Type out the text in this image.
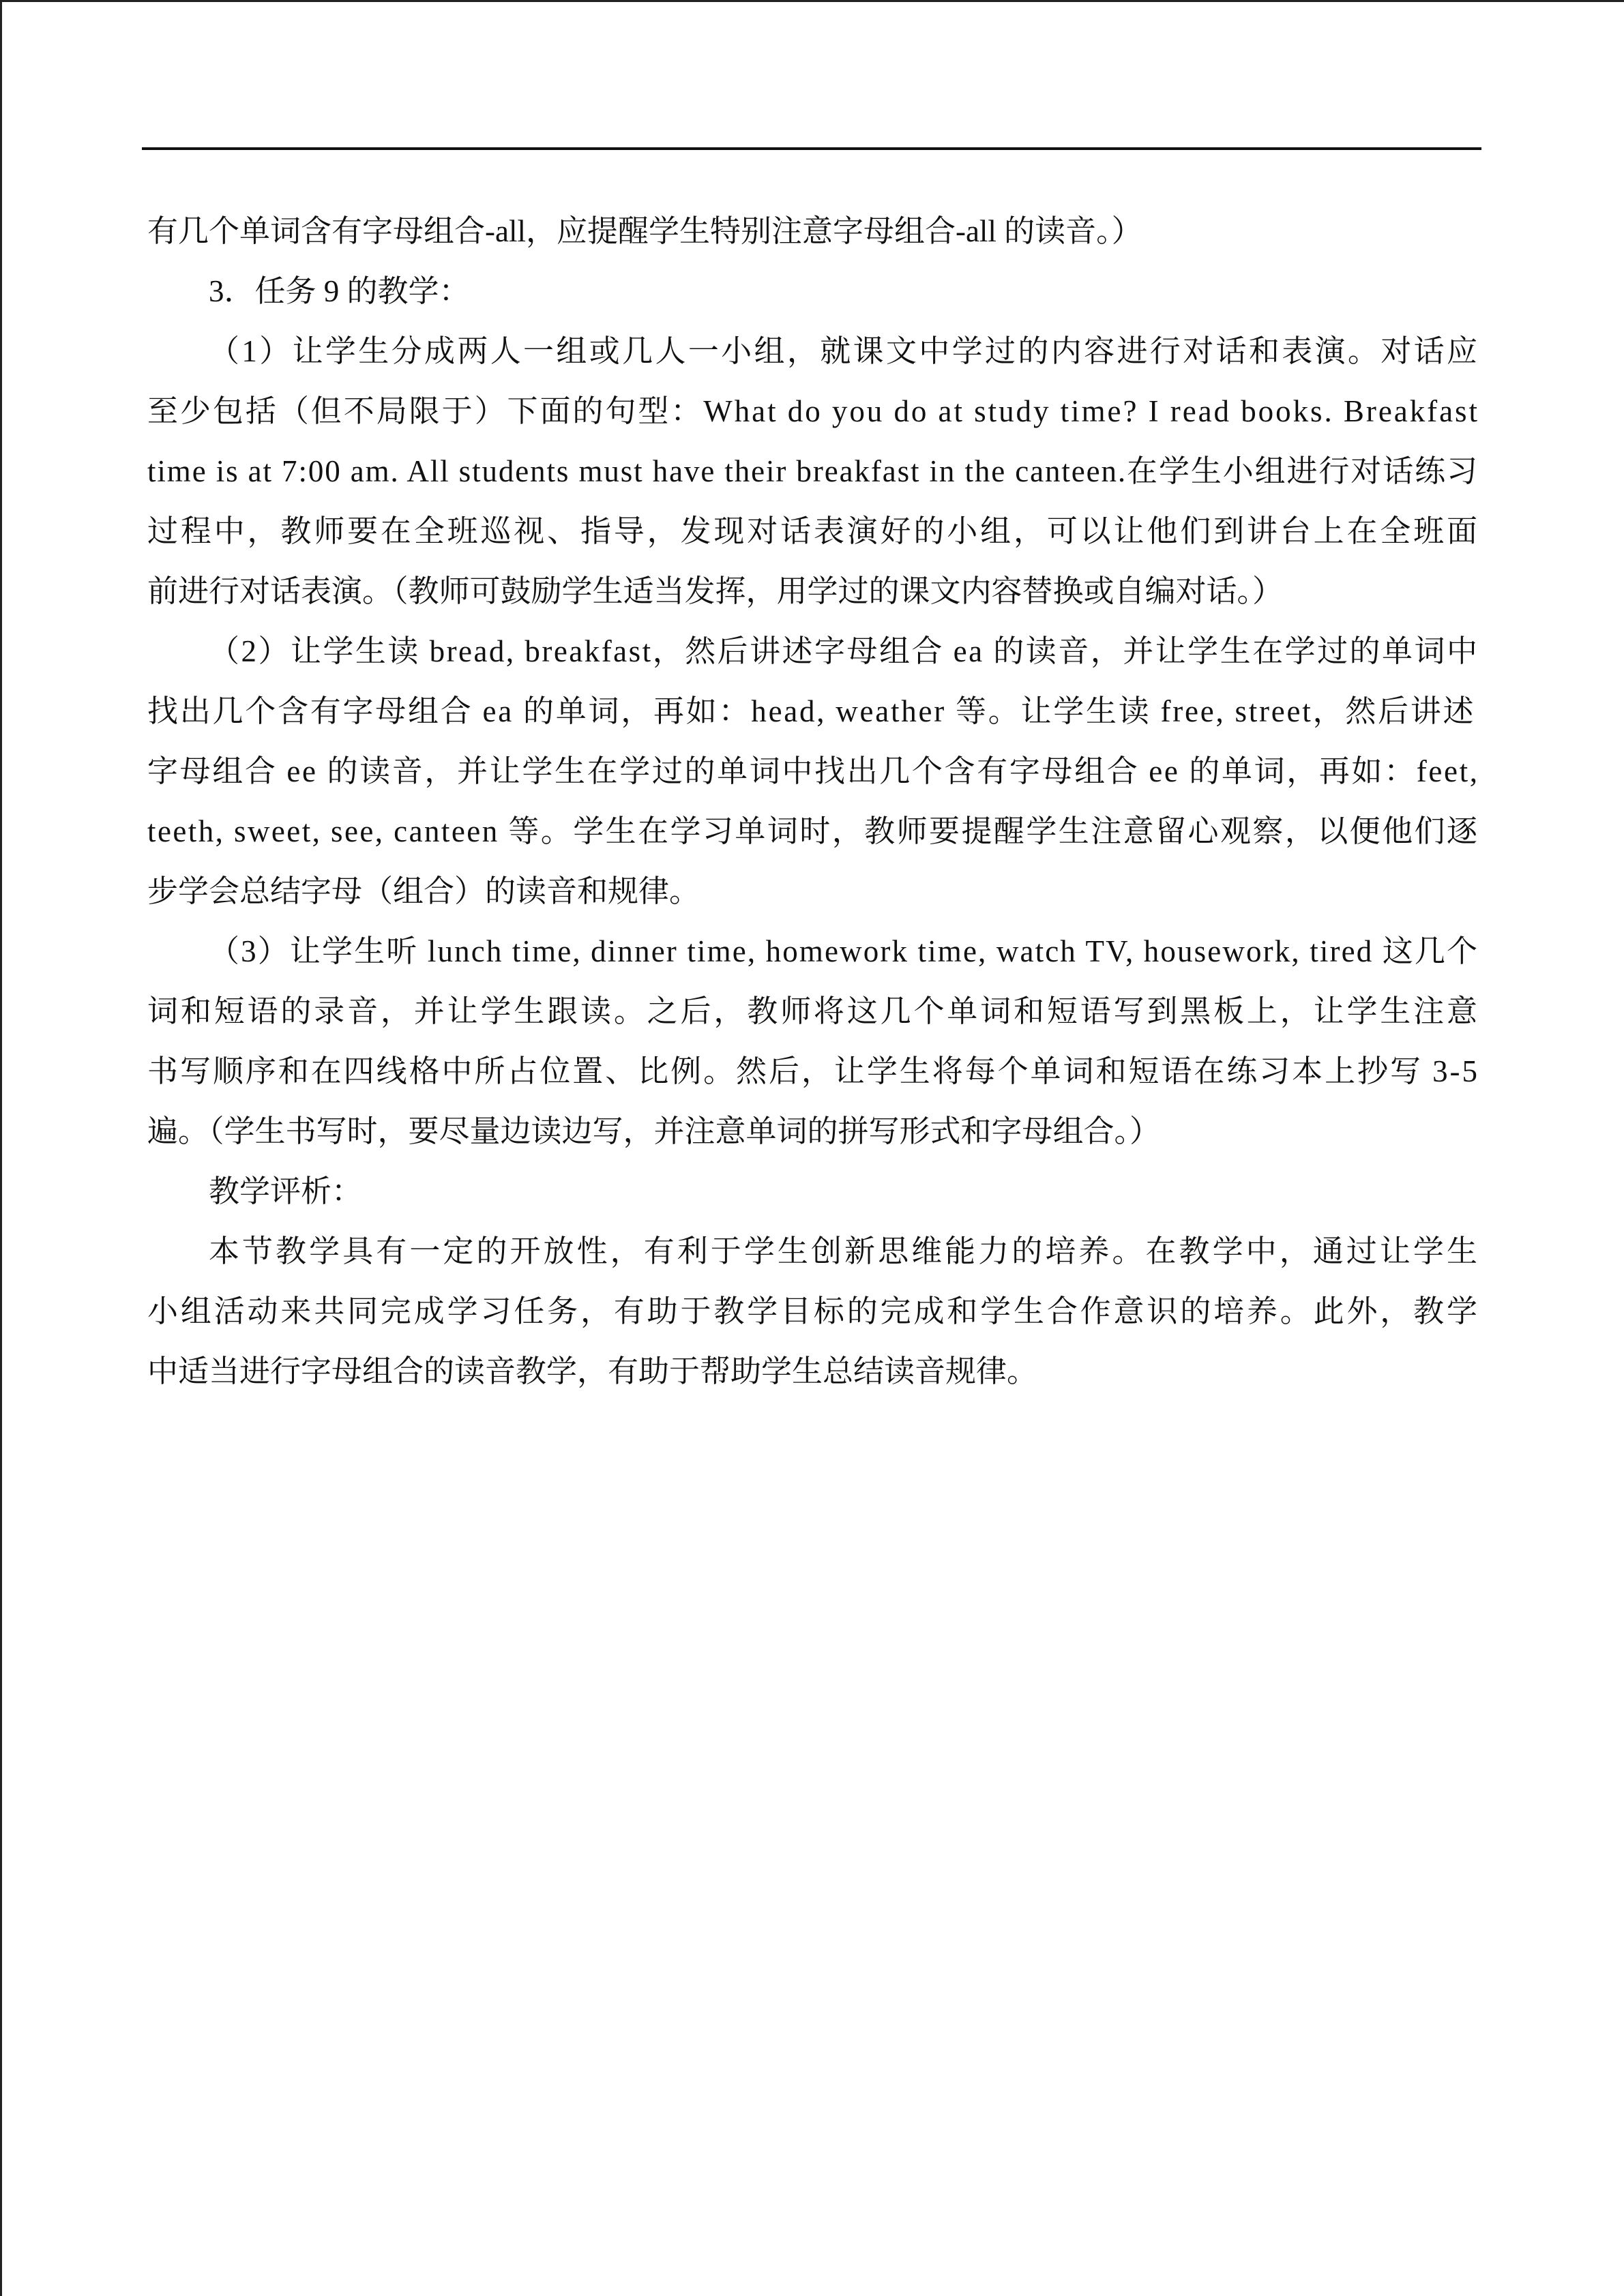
有几个单词含有字母组合-all，应提醒学生特别注意字母组合-all 的读音。）
3．任务 9 的教学：
（1）让学生分成两人一组或几人一小组，就课文中学过的内容进行对话和表演。对话应
至少包括（但不局限于）下面的句型：What do you do at study time? I read books. Breakfast
time is at 7:00 am. All students must have their breakfast in the canteen.在学生小组进行对话练习
过程中，教师要在全班巡视、指导，发现对话表演好的小组，可以让他们到讲台上在全班面
前进行对话表演。（教师可鼓励学生适当发挥，用学过的课文内容替换或自编对话。）
（2）让学生读 bread, breakfast，然后讲述字母组合 ea 的读音，并让学生在学过的单词中
找出几个含有字母组合 ea 的单词，再如：head, weather 等。让学生读 free, street，然后讲述
字母组合 ee 的读音，并让学生在学过的单词中找出几个含有字母组合 ee 的单词，再如：feet,
teeth, sweet, see, canteen 等。学生在学习单词时，教师要提醒学生注意留心观察，以便他们逐
步学会总结字母（组合）的读音和规律。
（3）让学生听 lunch time, dinner time, homework time, watch TV, housework, tired 这几个
词和短语的录音，并让学生跟读。之后，教师将这几个单词和短语写到黑板上，让学生注意
书写顺序和在四线格中所占位置、比例。然后，让学生将每个单词和短语在练习本上抄写 3-5
遍。（学生书写时，要尽量边读边写，并注意单词的拼写形式和字母组合。）
教学评析：
本节教学具有一定的开放性，有利于学生创新思维能力的培养。在教学中，通过让学生
小组活动来共同完成学习任务，有助于教学目标的完成和学生合作意识的培养。此外，教学
中适当进行字母组合的读音教学，有助于帮助学生总结读音规律。
